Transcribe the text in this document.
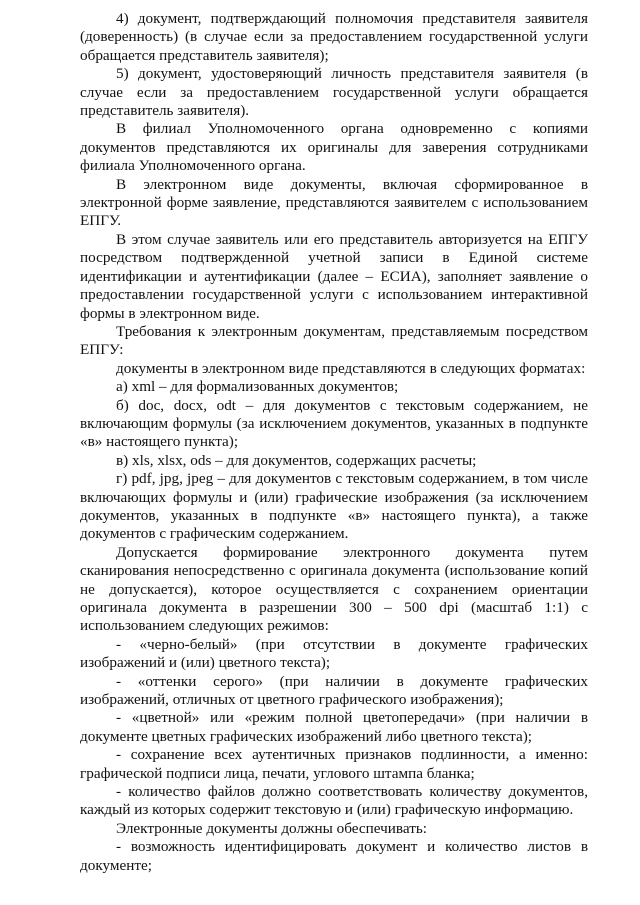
4) документ, подтверждающий полномочия представителя заявителя (доверенность) (в случае если за предоставлением государственной услуги обращается представитель заявителя);

5) документ, удостоверяющий личность представителя заявителя (в случае если за предоставлением государственной услуги обращается представитель заявителя).

В филиал Уполномоченного органа одновременно с копиями документов представляются их оригиналы для заверения сотрудниками филиала Уполномоченного органа.

В электронном виде документы, включая сформированное в электронной форме заявление, представляются заявителем с использованием ЕПГУ.

В этом случае заявитель или его представитель авторизуется на ЕПГУ посредством подтвержденной учетной записи в Единой системе идентификации и аутентификации (далее – ЕСИА), заполняет заявление о предоставлении государственной услуги с использованием интерактивной формы в электронном виде.

Требования к электронным документам, представляемым посредством ЕПГУ:

документы в электронном виде представляются в следующих форматах:

а) xml – для формализованных документов;

б) doc, docx, odt – для документов с текстовым содержанием, не включающим формулы (за исключением документов, указанных в подпункте «в» настоящего пункта);

в) xls, xlsx, ods – для документов, содержащих расчеты;

г) pdf, jpg, jpeg – для документов с текстовым содержанием, в том числе включающих формулы и (или) графические изображения (за исключением документов, указанных в подпункте «в» настоящего пункта), а также документов с графическим содержанием.

Допускается формирование электронного документа путем сканирования непосредственно с оригинала документа (использование копий не допускается), которое осуществляется с сохранением ориентации оригинала документа в разрешении 300 – 500 dpi (масштаб 1:1) с использованием следующих режимов:

- «черно-белый» (при отсутствии в документе графических изображений и (или) цветного текста);

- «оттенки серого» (при наличии в документе графических изображений, отличных от цветного графического изображения);

- «цветной» или «режим полной цветопередачи» (при наличии в документе цветных графических изображений либо цветного текста);

- сохранение всех аутентичных признаков подлинности, а именно: графической подписи лица, печати, углового штампа бланка;

- количество файлов должно соответствовать количеству документов, каждый из которых содержит текстовую и (или) графическую информацию.

Электронные документы должны обеспечивать:

- возможность идентифицировать документ и количество листов в документе;
